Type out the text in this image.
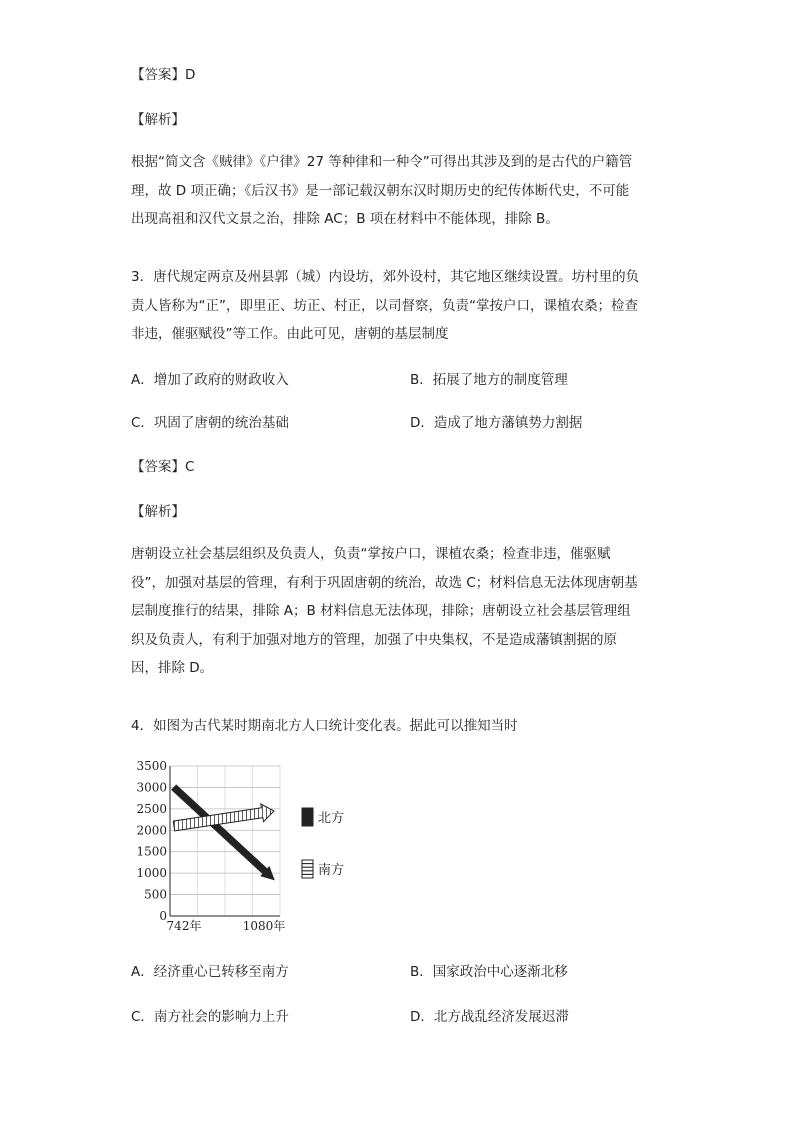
【答案】D
【解析】
根据“简文含《贼律》《户律》27 等种律和一种令”可得出其涉及到的是古代的户籍管
理，故 D 项正确；《后汉书》是一部记载汉朝东汉时期历史的纪传体断代史，不可能
出现高祖和汉代文景之治，排除 AC；B 项在材料中不能体现，排除 B。
3．唐代规定两京及州县郭（城）内设坊，郊外设村，其它地区继续设置。坊村里的负
责人皆称为“正”，即里正、坊正、村正，以司督察，负责“掌按户口，课植农桑；检查
非违，催驱赋役”等工作。由此可见，唐朝的基层制度
A．增加了政府的财政收入	B．拓展了地方的制度管理
C．巩固了唐朝的统治基础	D．造成了地方藩镇势力割据
【答案】C
【解析】
唐朝设立社会基层组织及负责人，负责“掌按户口，课植农桑；检查非违，催驱赋
役”，加强对基层的管理，有利于巩固唐朝的统治，故选 C；材料信息无法体现唐朝基
层制度推行的结果，排除 A；B 材料信息无法体现，排除；唐朝设立社会基层管理组
织及负责人，有利于加强对地方的管理，加强了中央集权，不是造成藩镇割据的原
因，排除 D。
4．如图为古代某时期南北方人口统计变化表。据此可以推知当时
0
500
1000
1500
2000
2500
3000
3500
742年	1080年
北方
南方
A．经济重心已转移至南方	B．国家政治中心逐渐北移
C．南方社会的影响力上升	D．北方战乱经济发展迟滞
